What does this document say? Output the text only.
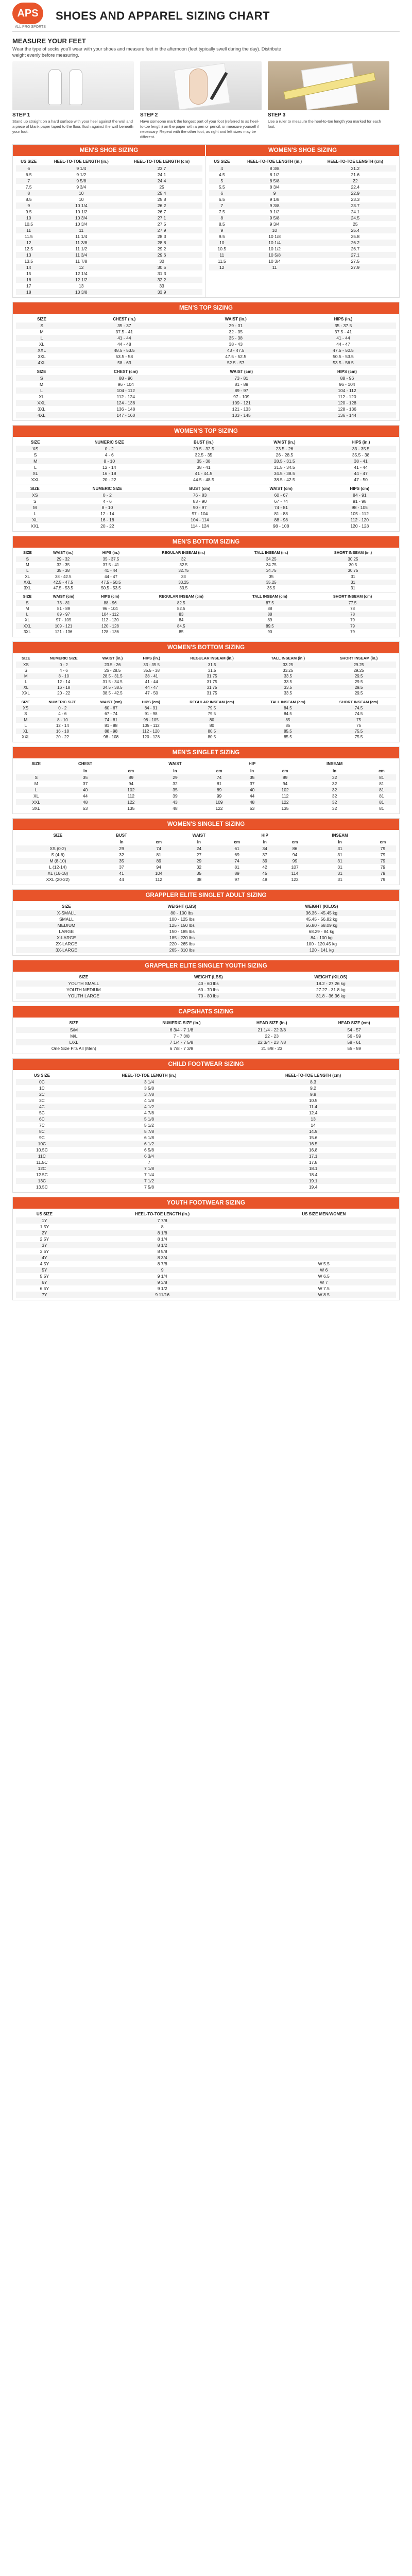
APS
ALL PRO SPORTS
SHOES AND APPAREL SIZING CHART
MEASURE YOUR FEET

Wear the type of socks you'll wear with your shoes and measure feet in the afternoon (feet typically swell during the day). Distribute weight evenly before measuring.

STEP 1

Stand up straight on a hard surface with your heel against the wall and a piece of blank paper taped to the floor, flush against the wall beneath your foot.

STEP 2

Have someone mark the longest part of your foot (referred to as heel-to-toe length) on the paper with a pen or pencil, or measure yourself if necessary. Repeat with the other foot, as right and left sizes may be different.

STEP 3

Use a ruler to measure the heel-to-toe length you marked for each foot.

MEN'S SHOE SIZING	WOMEN'S SHOE SIZING
US SIZE	HEEL-TO-TOE LENGTH (in.)	HEEL-TO-TOE LENGTH (cm)
6	9 1/4	23.7
6.5	9 1/2	24.1
7	9 5/8	24.4
7.5	9 3/4	25
8	10	25.4
8.5	10	25.8
9	10 1/4	26.2
9.5	10 1/2	26.7
10	10 3/4	27.1
10.5	10 3/4	27.5
11	11	27.9
11.5	11 1/4	28.3
12	11 3/8	28.8
12.5	11 1/2	29.2
13	11 3/4	29.6
13.5	11 7/8	30
14	12	30.5
15	12 1/4	31.3
16	12 1/2	32.2
17	13	33
18	13 3/8	33.9
US SIZE	HEEL-TO-TOE LENGTH (in.)	HEEL-TO-TOE LENGTH (cm)
4	8 3/8	21.2
4.5	8 1/2	21.6
5	8 5/8	22
5.5	8 3/4	22.4
6	9	22.9
6.5	9 1/8	23.3
7	9 3/8	23.7
7.5	9 1/2	24.1
8	9 5/8	24.5
8.5	9 3/4	25
9	10	25.4
9.5	10 1/8	25.8
10	10 1/4	26.2
10.5	10 1/2	26.7
11	10 5/8	27.1
11.5	10 3/4	27.5
12	11	27.9
MEN'S TOP SIZING
SIZE	CHEST (in.)	WAIST (in.)	HIPS (in.)
S	35 - 37	29 - 31	35 - 37.5
M	37.5 - 41	32 - 35	37.5 - 41
L	41 - 44	35 - 38	41 - 44
XL	44 - 48	38 - 43	44 - 47
XXL	48.5 - 53.5	43 - 47.5	47.5 - 50.5
3XL	53.5 - 58	47.5 - 52.5	50.5 - 53.5
4XL	58 - 63	52.5 - 57	53.5 - 56.5
SIZE	CHEST (cm)	WAIST (cm)	HIPS (cm)
S	88 - 96	73 - 81	88 - 96
M	96 - 104	81 - 89	96 - 104
L	104 - 112	89 - 97	104 - 112
XL	112 - 124	97 - 109	112 - 120
XXL	124 - 136	109 - 121	120 - 128
3XL	136 - 148	121 - 133	128 - 136
4XL	147 - 160	133 - 145	136 - 144
WOMEN'S TOP SIZING
SIZE	NUMERIC SIZE	BUST (in.)	WAIST (in.)	HIPS (in.)
XS	0 - 2	29.5 - 32.5	23.5 - 26	33 - 35.5
S	4 - 6	32.5 - 35	26 - 28.5	35.5 - 38
M	8 - 10	35 - 38	28.5 - 31.5	38 - 41
L	12 - 14	38 - 41	31.5 - 34.5	41 - 44
XL	16 - 18	41 - 44.5	34.5 - 38.5	44 - 47
XXL	20 - 22	44.5 - 48.5	38.5 - 42.5	47 - 50
SIZE	NUMERIC SIZE	BUST (cm)	WAIST (cm)	HIPS (cm)
XS	0 - 2	76 - 83	60 - 67	84 - 91
S	4 - 6	83 - 90	67 - 74	91 - 98
M	8 - 10	90 - 97	74 - 81	98 - 105
L	12 - 14	97 - 104	81 - 88	105 - 112
XL	16 - 18	104 - 114	88 - 98	112 - 120
XXL	20 - 22	114 - 124	98 - 108	120 - 128
MEN'S BOTTOM SIZING
SIZE	WAIST (in.)	HIPS (in.)	REGULAR INSEAM (in.)	TALL INSEAM (in.)	SHORT INSEAM (in.)
S	29 - 32	35 - 37.5	32	34.25	30.25
M	32 - 35	37.5 - 41	32.5	34.75	30.5
L	35 - 38	41 - 44	32.75	34.75	30.75
XL	38 - 42.5	44 - 47	33	35	31
XXL	42.5 - 47.5	47.5 - 50.5	33.25	35.25	31
3XL	47.5 - 53.5	50.5 - 53.5	33.5	35.5	31
SIZE	WAIST (cm)	HIPS (cm)	REGULAR INSEAM (cm)	TALL INSEAM (cm)	SHORT INSEAM (cm)
S	73 - 81	88 - 96	82.5	87.5	77.5
M	81 - 89	96 - 104	82.5	88	78
L	89 - 97	104 - 112	83	88	78
XL	97 - 109	112 - 120	84	89	79
XXL	109 - 121	120 - 128	84.5	89.5	79
3XL	121 - 136	128 - 136	85	90	79
WOMEN'S BOTTOM SIZING
SIZE	NUMERIC SIZE	WAIST (in.)	HIPS (in.)	REGULAR INSEAM (in.)	TALL INSEAM (in.)	SHORT INSEAM (in.)
XS	0 - 2	23.5 - 26	33 - 35.5	31.5	33.25	29.25
S	4 - 6	26 - 28.5	35.5 - 38	31.5	33.25	29.25
M	8 - 10	28.5 - 31.5	38 - 41	31.75	33.5	29.5
L	12 - 14	31.5 - 34.5	41 - 44	31.75	33.5	29.5
XL	16 - 18	34.5 - 38.5	44 - 47	31.75	33.5	29.5
XXL	20 - 22	38.5 - 42.5	47 - 50	31.75	33.5	29.5
SIZE	NUMERIC SIZE	WAIST (cm)	HIPS (cm)	REGULAR INSEAM (cm)	TALL INSEAM (cm)	SHORT INSEAM (cm)
XS	0 - 2	60 - 67	84 - 91	79.5	84.5	74.5
S	4 - 6	67 - 74	91 - 98	79.5	84.5	74.5
M	8 - 10	74 - 81	98 - 105	80	85	75
L	12 - 14	81 - 88	105 - 112	80	85	75
XL	16 - 18	88 - 98	112 - 120	80.5	85.5	75.5
XXL	20 - 22	98 - 108	120 - 128	80.5	85.5	75.5
MEN'S SINGLET SIZING
SIZE	CHEST		WAIST		HIP		INSEAM	
	in	cm	in	cm	in	cm	in	cm
S	35	89	29	74	35	89	32	81
M	37	94	32	81	37	94	32	81
L	40	102	35	89	40	102	32	81
XL	44	112	39	99	44	112	32	81
XXL	48	122	43	109	48	122	32	81
3XL	53	135	48	122	53	135	32	81
WOMEN'S SINGLET SIZING
SIZE	BUST		WAIST		HIP		INSEAM	
	in	cm	in	cm	in	cm	in	cm
XS (0-2)	29	74	24	61	34	86	31	79
S (4-6)	32	81	27	69	37	94	31	79
M (8-10)	35	89	29	74	39	99	31	79
L (12-14)	37	94	32	81	42	107	31	79
XL (16-18)	41	104	35	89	45	114	31	79
XXL (20-22)	44	112	38	97	48	122	31	79
GRAPPLER ELITE SINGLET ADULT SIZING
SIZE	WEIGHT (LBS)	WEIGHT (KILOS)
X-SMALL	80 - 100 lbs	36.36 - 45.45 kg
SMALL	100 - 125 lbs	45.45 - 56.82 kg
MEDIUM	125 - 150 lbs	56.80 - 68.09 kg
LARGE	150 - 185 lbs	68.29 - 84 kg
X-LARGE	185 - 220 lbs	84 - 100 kg
2X-LARGE	220 - 265 lbs	100 - 120.45 kg
3X-LARGE	265 - 310 lbs	120 - 141 kg
GRAPPLER ELITE SINGLET YOUTH SIZING
SIZE	WEIGHT (LBS)	WEIGHT (KILOS)
YOUTH SMALL	40 - 60 lbs	18.2 - 27.26 kg
YOUTH MEDIUM	60 - 70 lbs	27.27 - 31.8 kg
YOUTH LARGE	70 - 80 lbs	31.8 - 36.36 kg
CAPS/HATS SIZING
SIZE	NUMERIC SIZE (in.)	HEAD SIZE (in.)	HEAD SIZE (cm)
S/M	6 3/4 - 7 1/8	21 1/4 - 22 3/8	54 - 57
M/L	7 - 7 3/8	22 - 23	56 - 59
L/XL	7 1/4 - 7 5/8	22 3/4 - 23 7/8	58 - 61
One Size Fits All (Men)	6 7/8 - 7 3/8	21 5/8 - 23	55 - 59
CHILD FOOTWEAR SIZING
US SIZE	HEEL-TO-TOE LENGTH (in.)	HEEL-TO-TOE LENGTH (cm)
0C	3 1/4	8.3
1C	3 5/8	9.2
2C	3 7/8	9.8
3C	4 1/8	10.5
4C	4 1/2	11.4
5C	4 7/8	12.4
6C	5 1/8	13
7C	5 1/2	14
8C	5 7/8	14.9
9C	6 1/8	15.6
10C	6 1/2	16.5
10.5C	6 5/8	16.8
11C	6 3/4	17.1
11.5C	7	17.8
12C	7 1/8	18.1
12.5C	7 1/4	18.4
13C	7 1/2	19.1
13.5C	7 5/8	19.4
YOUTH FOOTWEAR SIZING
US SIZE	HEEL-TO-TOE LENGTH (in.)	US SIZE MEN/WOMEN
1Y	7 7/8	
1.5Y	8	
2Y	8 1/8	
2.5Y	8 1/4	
3Y	8 1/2	
3.5Y	8 5/8	
4Y	8 3/4	
4.5Y	8 7/8	W 5.5
5Y	9	W 6
5.5Y	9 1/4	W 6.5
6Y	9 3/8	W 7
6.5Y	9 1/2	W 7.5
7Y	9 11/16	W 8.5
